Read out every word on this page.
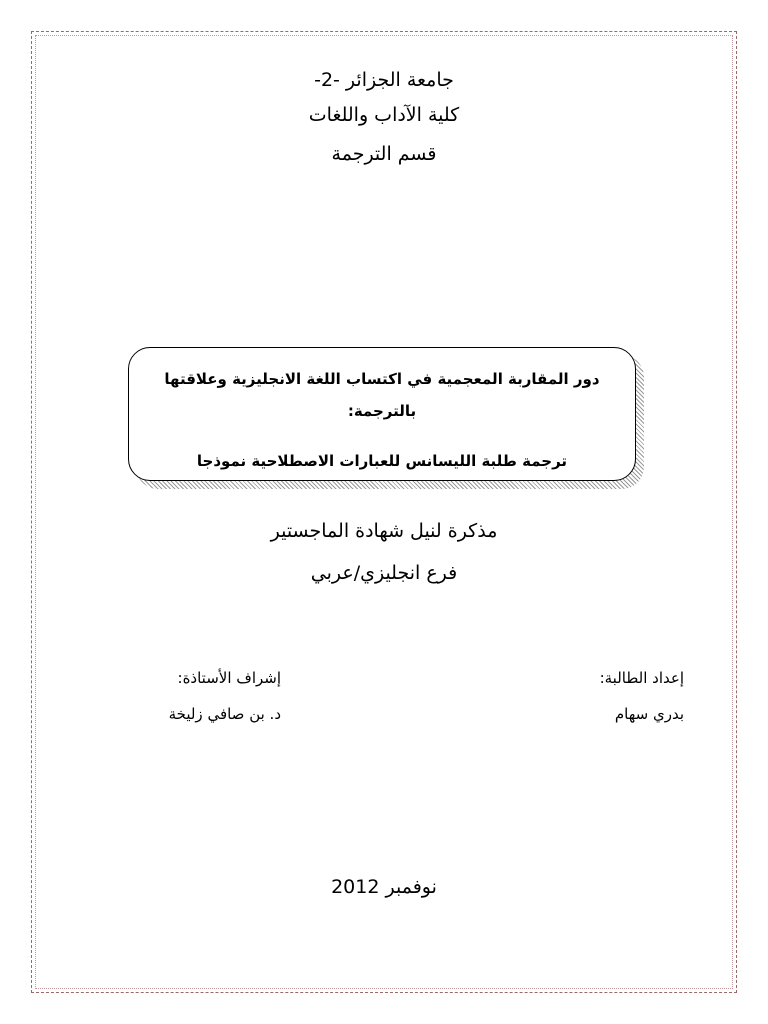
جامعة الجزائر -2-
كلية الآداب واللغات
قسم الترجمة
دور المقاربة المعجمية في اكتساب اللغة الانجليزية وعلاقتها
بالترجمة:
ترجمة طلبة الليسانس للعبارات الاصطلاحية نموذجا
مذكرة لنيل شهادة الماجستير
فرع انجليزي/عربي
إعداد الطالبة:
بدري سهام
إشراف الأستاذة:
د. بن صافي زليخة
نوفمبر 2012
